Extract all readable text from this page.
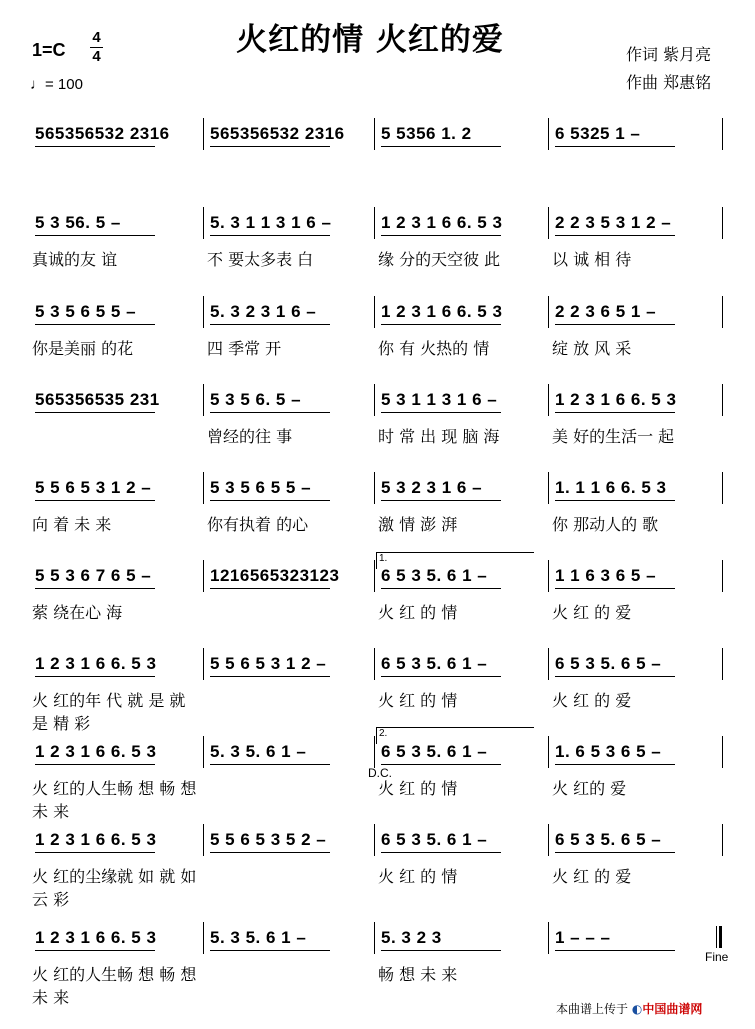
火红的情 火红的爱
1=C
4
4
♩= 100
作词 紫月亮
作曲 郑惠铭
565356532 2316 565356532 2316 5 5356 1. 2	6 5325 1 –
5 3 56. 5 –
真诚的友 谊
5. 3 1 1 3 1 6 –
不 要太多表 白
1 2 3 1 6 6. 5 3
缘 分的天空彼 此
2 2 3 5 3 1 2 –
以 诚 相 待
5 3 5 6 5 5 –
你是美丽 的花
5. 3 2 3 1 6 –
四 季常 开
1 2 3 1 6 6. 5 3
你 有 火热的 情
2 2 3 6 5 1 –
绽 放 风 采
565356535 231	5 3 5 6. 5 –
曾经的往 事
5 3 1 1 3 1 6 –
时 常 出 现 脑 海
1 2 3 1 6 6. 5 3
美 好的生活一 起
5 5 6 5 3 1 2 –
向 着 未 来
5 3 5 6 5 5 –
你有执着 的心
5 3 2 3 1 6 –
激 情 澎 湃
1. 1 1 6 6. 5 3
你 那动人的 歌
5 5 3 6 7 6 5 –
萦 绕在心 海
1216565323123 6 5 3 5. 6 1 –
火 红 的 情
1 1 6 3 6 5 –
火 红 的 爱
1 2 3 1 6 6. 5 3
火 红的年 代 就 是 就 是 精 彩
5 5 6 5 3 1 2 –	6 5 3 5. 6 1 –
火 红 的 情
6 5 3 5. 6 5 –
火 红 的 爱
1 2 3 1 6 6. 5 3
火 红的人生畅 想 畅 想未 来
5. 3 5. 6 1 –	6 5 3 5. 6 1 –
火 红 的 情
1. 6 5 3 6 5 –
火 红的 爱
1 2 3 1 6 6. 5 3
火 红的尘缘就 如 就 如 云 彩
5 5 6 5 3 5 2 –	6 5 3 5. 6 1 –
火 红 的 情
6 5 3 5. 6 5 –
火 红 的 爱
1 2 3 1 6 6. 5 3
火 红的人生畅 想 畅 想未 来
5. 3 5. 6 1 –	5. 3 2 3
畅 想 未 来
1 – – –
1.
2.
D.C.
Fine
本曲谱上传于 ◐中国曲谱网
